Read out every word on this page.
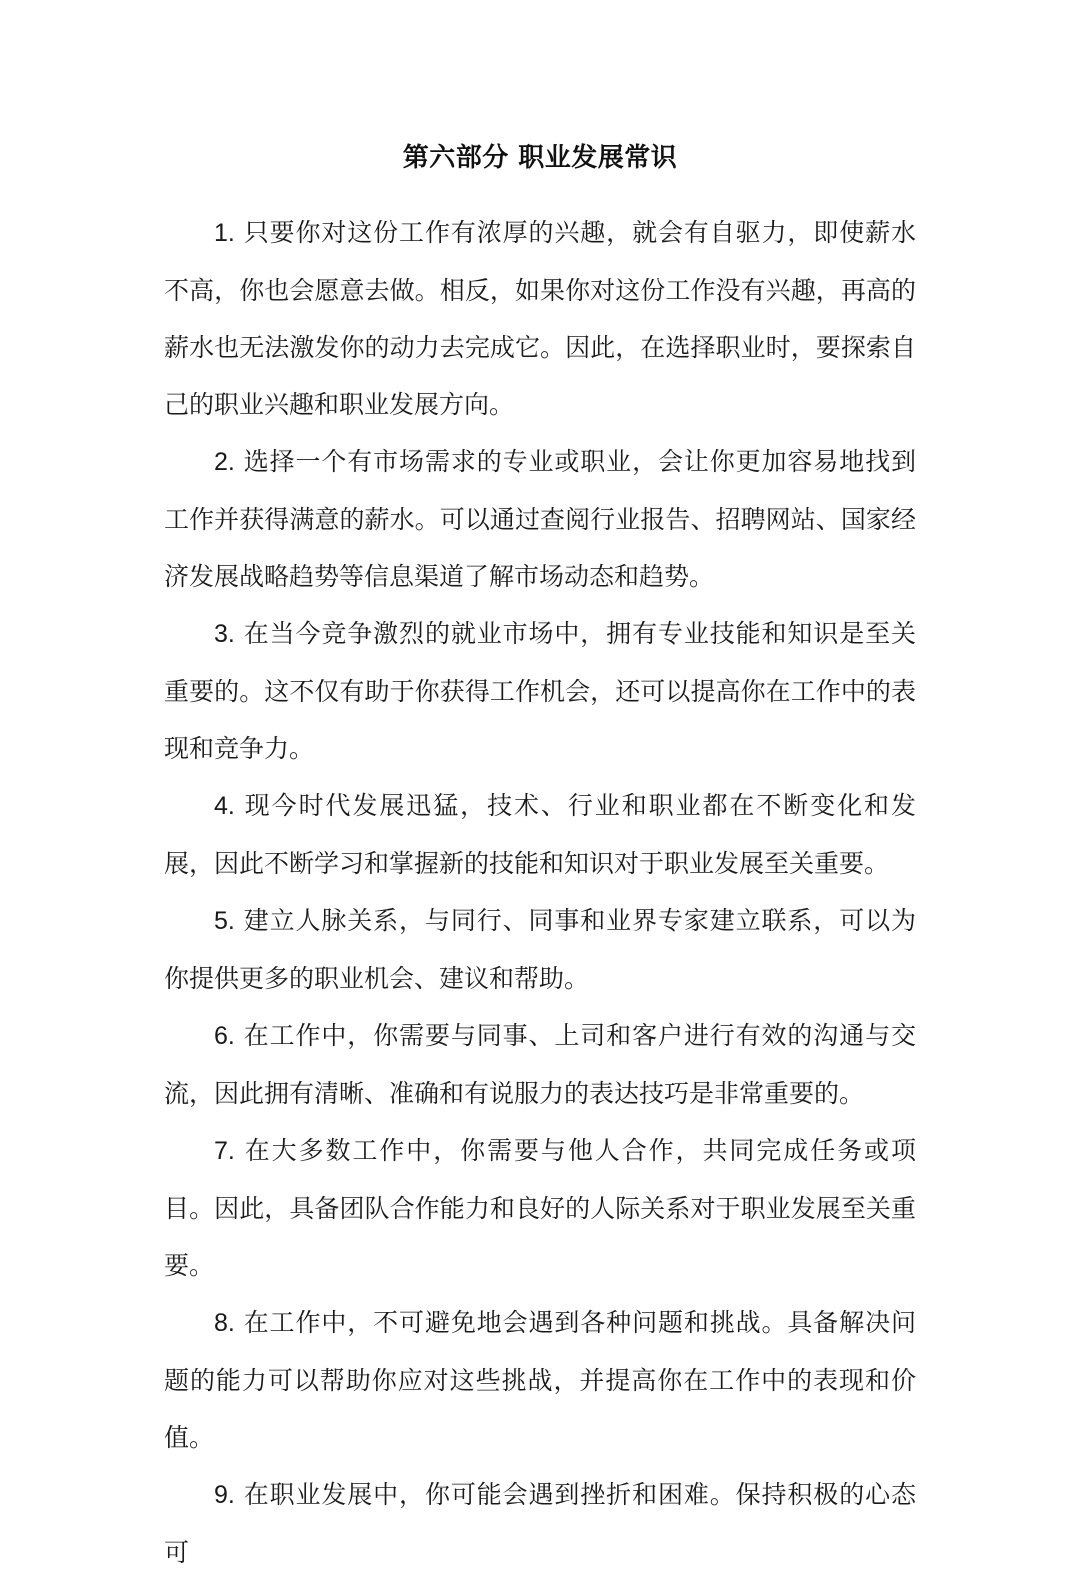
第六部分 职业发展常识

1. 只要你对这份工作有浓厚的兴趣，就会有自驱力，即使薪水不高，你也会愿意去做。相反，如果你对这份工作没有兴趣，再高的薪水也无法激发你的动力去完成它。因此，在选择职业时，要探索自己的职业兴趣和职业发展方向。

2. 选择一个有市场需求的专业或职业，会让你更加容易地找到工作并获得满意的薪水。可以通过查阅行业报告、招聘网站、国家经济发展战略趋势等信息渠道了解市场动态和趋势。

3. 在当今竞争激烈的就业市场中，拥有专业技能和知识是至关重要的。这不仅有助于你获得工作机会，还可以提高你在工作中的表现和竞争力。

4. 现今时代发展迅猛，技术、行业和职业都在不断变化和发展，因此不断学习和掌握新的技能和知识对于职业发展至关重要。

5. 建立人脉关系，与同行、同事和业界专家建立联系，可以为你提供更多的职业机会、建议和帮助。

6. 在工作中，你需要与同事、上司和客户进行有效的沟通与交流，因此拥有清晰、准确和有说服力的表达技巧是非常重要的。

7. 在大多数工作中，你需要与他人合作，共同完成任务或项目。因此，具备团队合作能力和良好的人际关系对于职业发展至关重要。

8. 在工作中，不可避免地会遇到各种问题和挑战。具备解决问题的能力可以帮助你应对这些挑战，并提高你在工作中的表现和价值。

9. 在职业发展中，你可能会遇到挫折和困难。保持积极的心态可
